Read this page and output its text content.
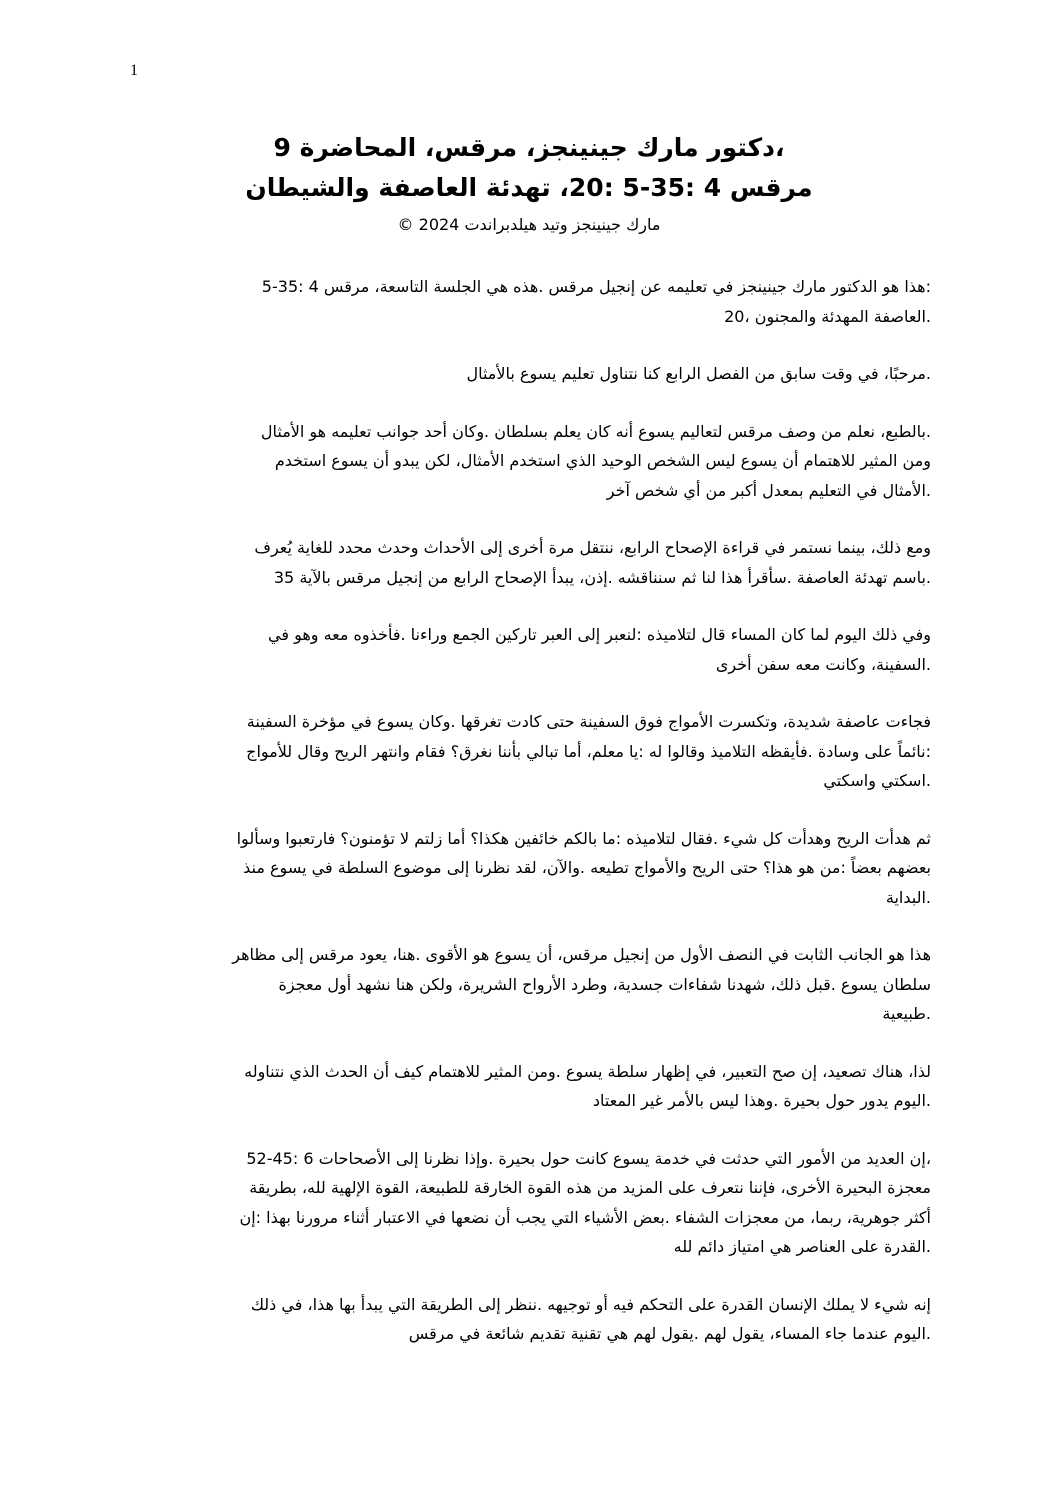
1
،دكتور مارك جينينجز، مرقس، المحاضرة 9
مرقس 4 :35-5 :20، تهدئة العاصفة والشيطان
مارك جينينجز وتيد هيلدبراندت 2024 ©
:هذا هو الدكتور مارك جينينجز في تعليمه عن إنجيل مرقس .هذه هي الجلسة التاسعة، مرقس 4 :35-5
.العاصفة المهدئة والمجنون ،20
.مرحبًا، في وقت سابق من الفصل الرابع كنا نتناول تعليم يسوع بالأمثال
.بالطبع، نعلم من وصف مرقس لتعاليم يسوع أنه كان يعلم بسلطان .وكان أحد جوانب تعليمه هو الأمثال
ومن المثير للاهتمام أن يسوع ليس الشخص الوحيد الذي استخدم الأمثال، لكن يبدو أن يسوع استخدم
.الأمثال في التعليم بمعدل أكبر من أي شخص آخر
ومع ذلك، بينما نستمر في قراءة الإصحاح الرابع، ننتقل مرة أخرى إلى الأحداث وحدث محدد للغاية يُعرف
.باسم تهدئة العاصفة .سأقرأ هذا لنا ثم سنناقشه .إذن، يبدأ الإصحاح الرابع من إنجيل مرقس بالآية 35
وفي ذلك اليوم لما كان المساء قال لتلاميذه :لنعبر إلى العبر تاركين الجمع وراءنا .فأخذوه معه وهو في
.السفينة، وكانت معه سفن أخرى
فجاءت عاصفة شديدة، وتكسرت الأمواج فوق السفينة حتى كادت تغرقها .وكان يسوع في مؤخرة السفينة
:نائماً على وسادة .فأيقظه التلاميذ وقالوا له :يا معلم، أما تبالي بأننا نغرق؟ فقام وانتهر الريح وقال للأمواج
.اسكتي واسكتي
ثم هدأت الريح وهدأت كل شيء .فقال لتلاميذه :ما بالكم خائفين هكذا؟ أما زلتم لا تؤمنون؟ فارتعبوا وسألوا
بعضهم بعضاً :من هو هذا؟ حتى الريح والأمواج تطيعه .والآن، لقد نظرنا إلى موضوع السلطة في يسوع منذ
.البداية
هذا هو الجانب الثابت في النصف الأول من إنجيل مرقس، أن يسوع هو الأقوى .هنا، يعود مرقس إلى مظاهر
سلطان يسوع .قبل ذلك، شهدنا شفاءات جسدية، وطرد الأرواح الشريرة، ولكن هنا نشهد أول معجزة
.طبيعية
لذا، هناك تصعيد، إن صح التعبير، في إظهار سلطة يسوع .ومن المثير للاهتمام كيف أن الحدث الذي نتناوله
.اليوم يدور حول بحيرة .وهذا ليس بالأمر غير المعتاد
،إن العديد من الأمور التي حدثت في خدمة يسوع كانت حول بحيرة .وإذا نظرنا إلى الأصحاحات 6 :45-52
معجزة البحيرة الأخرى، فإننا نتعرف على المزيد من هذه القوة الخارقة للطبيعة، القوة الإلهية لله، بطريقة
أكثر جوهرية، ربما، من معجزات الشفاء .بعض الأشياء التي يجب أن نضعها في الاعتبار أثناء مرورنا بهذا :إن
.القدرة على العناصر هي امتياز دائم لله
إنه شيء لا يملك الإنسان القدرة على التحكم فيه أو توجيهه .ننظر إلى الطريقة التي يبدأ بها هذا، في ذلك
.اليوم عندما جاء المساء، يقول لهم .يقول لهم هي تقنية تقديم شائعة في مرقس
